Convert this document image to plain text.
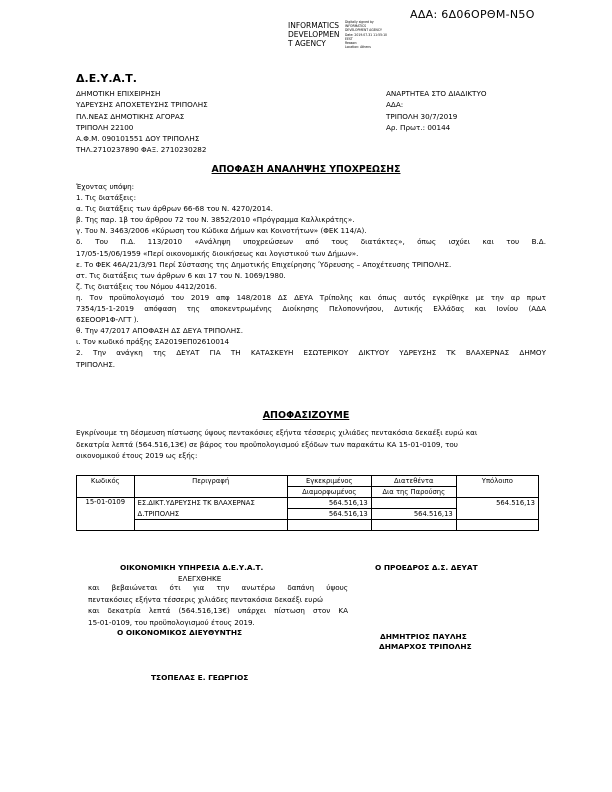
ΑΔΑ: 6Δ06ΟΡΘΜ-Ν5Ο
INFORMATICS
DEVELOPMEN
T AGENCY
Digitally signed by
INFORMATICS
DEVELOPMENT AGENCY
Date: 2019.07.31 11:55:10
EEST
Reason:
Location: Athens
Δ.Ε.Υ.Α.Τ.
ΔΗΜΟΤΙΚΗ ΕΠΙΧΕΙΡΗΣΗ
ΥΔΡΕΥΣΗΣ ΑΠΟΧΕΤΕΥΣΗΣ ΤΡΙΠΟΛΗΣ
ΠΛ.ΝΕΑΣ ΔΗΜΟΤΙΚΗΣ ΑΓΟΡΑΣ
ΤΡΙΠΟΛΗ 22100
Α.Φ.Μ. 090101551 ΔΟΥ ΤΡΙΠΟΛΗΣ
ΤΗΛ.2710237890 ΦΑΞ. 2710230282
ΑΝΑΡΤΗΤΕΑ ΣΤΟ ΔΙΑΔΙΚΤΥΟ
ΑΔΑ:
ΤΡΙΠΟΛΗ 30/7/2019
Αρ. Πρωτ.: 00144
ΑΠΟΦΑΣΗ ΑΝΑΛΗΨΗΣ ΥΠΟΧΡΕΩΣΗΣ
Έχοντας υπόψη:
1. Τις διατάξεις:
α. Τις διατάξεις των άρθρων 66-68 του Ν. 4270/2014.
β. Της παρ. 1β του άρθρου 72 του Ν. 3852/2010 «Πρόγραμμα Καλλικράτης».
γ. Του Ν. 3463/2006 «Κύρωση του Κώδικα Δήμων και Κοινοτήτων» (ΦΕΚ 114/Α).
δ. Του Π.Δ. 113/2010 «Ανάληψη υποχρεώσεων από τους διατάκτες», όπως ισχύει και του Β.Δ.
17/05-15/06/1959 «Περί οικονομικής διοικήσεως και λογιστικού των Δήμων».
ε. Το ΦΕΚ 46Α/21/3/91 Περί Σύστασης της Δημοτικής Επιχείρησης Ύδρευσης – Αποχέτευσης ΤΡΙΠΟΛΗΣ.
στ. Τις διατάξεις των άρθρων 6 και 17 του Ν. 1069/1980.
ζ. Τις διατάξεις του Νόμου 4412/2016.
η. Τον προϋπολογισμό του 2019 απφ 148/2018 ΔΣ ΔΕΥΑ Τρίπολης και όπως αυτός εγκρίθηκε με την αρ πρωτ
7354/15-1-2019 απόφαση της αποκεντρωμένης Διοίκησης Πελοποννήσου, Δυτικής Ελλάδας και Ιονίου (ΑΔΑ
6ΣΕΟΟΡ1Φ-ΛΓΤ ).
θ. Την 47/2017 ΑΠΟΦΑΣΗ ΔΣ ΔΕΥΑ ΤΡΙΠΟΛΗΣ.
ι. Τον κωδικό πράξης ΣΑ2019ΕΠ02610014
2. Την ανάγκη της ΔΕΥΑΤ ΓΙΑ ΤΗ ΚΑΤΑΣΚΕΥΗ ΕΣΩΤΕΡΙΚΟΥ ΔΙΚΤΥΟΥ ΥΔΡΕΥΣΗΣ ΤΚ ΒΛΑΧΕΡΝΑΣ ΔΗΜΟΥ
ΤΡΙΠΟΛΗΣ.
ΑΠΟΦΑΣΙΖΟΥΜΕ
Εγκρίνουμε τη δέσμευση πίστωσης ύψους πεντακόσιες εξήντα τέσσερις χιλιάδες πεντακόσια δεκαέξι ευρώ και
δεκατρία λεπτά (564.516,13€) σε βάρος του προϋπολογισμού εξόδων των παρακάτω ΚΑ 15-01-0109, του
οικονομικού έτους 2019 ως εξής:
Κωδικός	Περιγραφή	Εγκεκριμένος	Διατεθέντα	Υπόλοιπο
		Διαμορφωμένος	Δια της Παρούσης	
15-01-0109	ΕΣ.ΔΙΚΤ.ΥΔΡΕΥΣΗΣ ΤΚ ΒΛΑΧΕΡΝΑΣ	564.516,13		564.516,13
	Δ.ΤΡΙΠΟΛΗΣ	564.516,13	564.516,13	

ΟΙΚΟΝΟΜΙΚΗ ΥΠΗΡΕΣΙΑ Δ.Ε.Υ.Α.Τ.
ΕΛΕΓΧΘΗΚΕ
και βεβαιώνεται ότι για την ανωτέρω δαπάνη ύψους
πεντακόσιες εξήντα τέσσερις χιλιάδες πεντακόσια δεκαέξι ευρώ
και δεκατρία λεπτά (564.516,13€) υπάρχει πίστωση στον ΚΑ
15-01-0109, του προϋπολογισμού έτους 2019.
Ο ΟΙΚΟΝΟΜΙΚΟΣ ΔΙΕΥΘΥΝΤΗΣ
ΤΣΟΠΕΛΑΣ Ε. ΓΕΩΡΓΙΟΣ
Ο ΠΡΟΕΔΡΟΣ Δ.Σ. ΔΕΥΑΤ
ΔΗΜΗΤΡΙΟΣ ΠΑΥΛΗΣ
ΔΗΜΑΡΧΟΣ ΤΡΙΠΟΛΗΣ
